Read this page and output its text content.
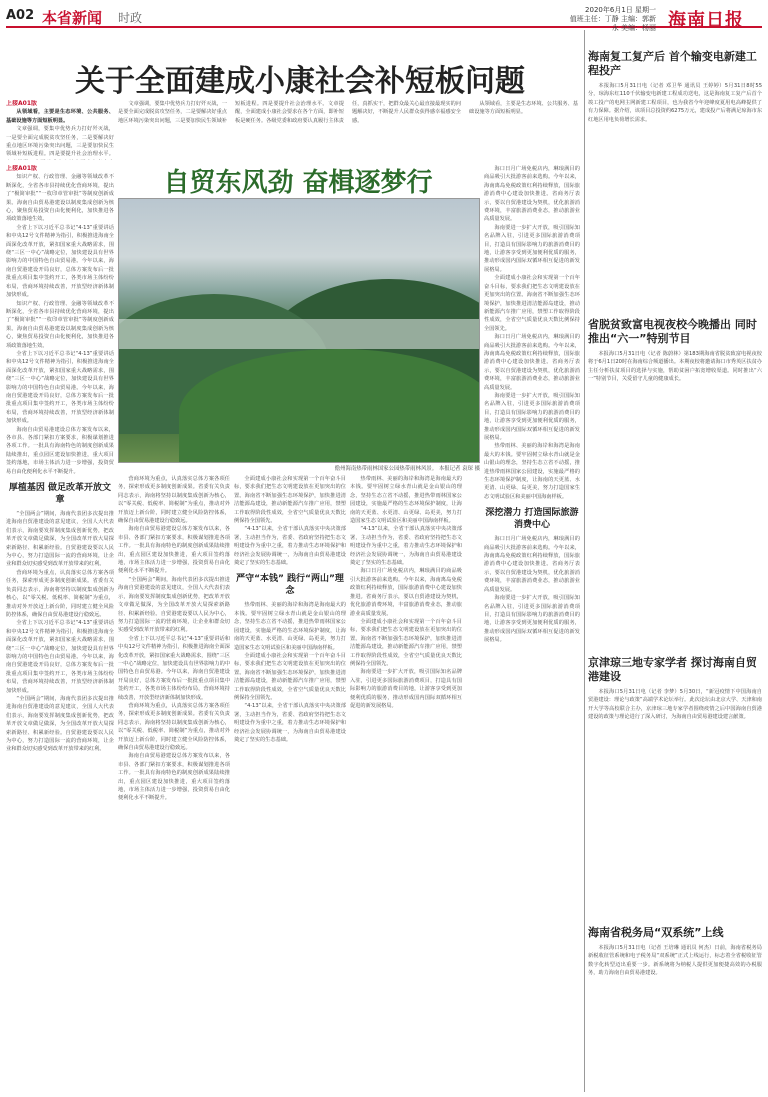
A02 本省新闻 时政
2020年6月1日 星期一
值班主任：丁静 主编：郭新永 美编：杨丽 海南日报
关于全面建成小康社会补短板问题
上接A01版

从领域看，主要是生态环境、公共服务、基础设施等方面短板明显。

文章强调，要集中优势兵力打好歼灭战，一是要全面完成脱贫攻坚任务，二是要解决好重点地区环境污染突出问题，三是要加快民生领域补短板进程。四是要提升社会治理水平。

文章强调，要集中优势兵力打好歼灭战，一是要全面完成脱贫攻坚任务，二是要解决好重点地区环境污染突出问题，三是要加快民生领域补短板进程。四是要提升社会治理水平。文章提醒，全面建成小康社会要求在各个方面，即补短板是硬任务。各级党委和政府要认真履行主体责任，真抓实干，把群众最关心最直接最现实的问题解决好，不断提升人民群众获得感幸福感安全感。

从领域看，主要是生态环境、公共服务、基础设施等方面短板明显。

自贸东风劲 奋楫逐梦行
儋州海南热带雨林国家公园热带雨林风景。 本报记者 袁琛 摄
上接A01版

知识产权、行政管理、金融等领域改革不断深化，全省各市县持续优化营商环境，提出了“极简审批”“一枚印章管审批”等制度创新成果。海南自由贸易港建设以制度集成创新为核心，聚焦贸易投资自由化便利化，加快推进各项政策落地生效。

全省上下以习近平总书记“4·13”重要讲话和中央12号文件精神为指引，积极推进海南全面深化改革开放，紧扣国家重大战略需求，围绕“三区一中心”战略定位，加快建设具有世界影响力的中国特色自由贸易港。今年以来，海南自贸港建设开局良好，总体方案发布后一批批重点项目集中签约开工，各类市场主体纷纷布局，营商环境持续改善，开放型经济新体制加快形成。

知识产权、行政管理、金融等领域改革不断深化，全省各市县持续优化营商环境，提出了“极简审批”“一枚印章管审批”等制度创新成果。海南自由贸易港建设以制度集成创新为核心，聚焦贸易投资自由化便利化，加快推进各项政策落地生效。

全省上下以习近平总书记“4·13”重要讲话和中央12号文件精神为指引，积极推进海南全面深化改革开放，紧扣国家重大战略需求，围绕“三区一中心”战略定位，加快建设具有世界影响力的中国特色自由贸易港。今年以来，海南自贸港建设开局良好，总体方案发布后一批批重点项目集中签约开工，各类市场主体纷纷布局，营商环境持续改善，开放型经济新体制加快形成。

海南自由贸易港建设总体方案发布以来，各市县、各部门紧扣方案要求，积极谋划推进各项工作。一批具有海南特色的制度创新成果陆续推出，重点园区建设加快推进，重大项目签约落地，市场主体活力进一步增强，投资贸易自由化便利化水平不断提升。

厚植基因 做足改革开放文章

“全国两会”期间，海南代表团多次提出推进海南自贸港建设的意见建议，全国人大代表们表示，海南要发挥制度集成创新优势，把改革开放文章做足做深，为全国改革开放大局探索新路径、积累新经验。自贸港建设要以人民为中心，努力打造国际一流的营商环境，让企业和群众切实感受到改革开放带来的红利。

营商环境为重点，认真落实总体方案各项任务，探索形成更多制度创新成果。省委有关负责同志表示，海南将坚持以制度集成创新为核心，以“零关税、低税率、简税制”为重点，推动对外开放迈上新台阶，同时建立健全风险防控体系，确保自由贸易港建设行稳致远。

全省上下以习近平总书记“4·13”重要讲话和中央12号文件精神为指引，积极推进海南全面深化改革开放，紧扣国家重大战略需求，围绕“三区一中心”战略定位，加快建设具有世界影响力的中国特色自由贸易港。今年以来，海南自贸港建设开局良好，总体方案发布后一批批重点项目集中签约开工，各类市场主体纷纷布局，营商环境持续改善，开放型经济新体制加快形成。

“全国两会”期间，海南代表团多次提出推进海南自贸港建设的意见建议，全国人大代表们表示，海南要发挥制度集成创新优势，把改革开放文章做足做深，为全国改革开放大局探索新路径、积累新经验。自贸港建设要以人民为中心，努力打造国际一流的营商环境，让企业和群众切实感受到改革开放带来的红利。

营商环境为重点，认真落实总体方案各项任务，探索形成更多制度创新成果。省委有关负责同志表示，海南将坚持以制度集成创新为核心，以“零关税、低税率、简税制”为重点，推动对外开放迈上新台阶，同时建立健全风险防控体系，确保自由贸易港建设行稳致远。

海南自由贸易港建设总体方案发布以来，各市县、各部门紧扣方案要求，积极谋划推进各项工作。一批具有海南特色的制度创新成果陆续推出，重点园区建设加快推进，重大项目签约落地，市场主体活力进一步增强，投资贸易自由化便利化水平不断提升。

“全国两会”期间，海南代表团多次提出推进海南自贸港建设的意见建议，全国人大代表们表示，海南要发挥制度集成创新优势，把改革开放文章做足做深，为全国改革开放大局探索新路径、积累新经验。自贸港建设要以人民为中心，努力打造国际一流的营商环境，让企业和群众切实感受到改革开放带来的红利。

全省上下以习近平总书记“4·13”重要讲话和中央12号文件精神为指引，积极推进海南全面深化改革开放，紧扣国家重大战略需求，围绕“三区一中心”战略定位，加快建设具有世界影响力的中国特色自由贸易港。今年以来，海南自贸港建设开局良好，总体方案发布后一批批重点项目集中签约开工，各类市场主体纷纷布局，营商环境持续改善，开放型经济新体制加快形成。

营商环境为重点，认真落实总体方案各项任务，探索形成更多制度创新成果。省委有关负责同志表示，海南将坚持以制度集成创新为核心，以“零关税、低税率、简税制”为重点，推动对外开放迈上新台阶，同时建立健全风险防控体系，确保自由贸易港建设行稳致远。

海南自由贸易港建设总体方案发布以来，各市县、各部门紧扣方案要求，积极谋划推进各项工作。一批具有海南特色的制度创新成果陆续推出，重点园区建设加快推进，重大项目签约落地，市场主体活力进一步增强，投资贸易自由化便利化水平不断提升。

全面建成小康社会和实现第一个百年奋斗目标，要求我们把生态文明建设放在更加突出的位置。海南省不断加强生态环境保护，加快推进清洁能源岛建设，推动新能源汽车推广应用，禁塑工作取得阶段性成效，全省空气质量优良天数比例保持全国领先。

“4·13”以来，全省干部认真落实中央决策部署，主动担当作为，省委、省政府坚持把生态文明建设作为重中之重，着力推动生态环境保护和经济社会发展协调统一，为海南自由贸易港建设奠定了坚实的生态基础。

严守“本钱” 践行“两山”理念

热带雨林、美丽的海岸和海湾是海南最大的本钱。要牢固树立绿水青山就是金山银山的理念，坚持生态立省不动摇，推进热带雨林国家公园建设，实施最严格的生态环境保护制度，让海南的天更蓝、水更清、山更绿、岛更美，努力打造国家生态文明试验区和美丽中国海南样板。

全面建成小康社会和实现第一个百年奋斗目标，要求我们把生态文明建设放在更加突出的位置。海南省不断加强生态环境保护，加快推进清洁能源岛建设，推动新能源汽车推广应用，禁塑工作取得阶段性成效，全省空气质量优良天数比例保持全国领先。

“4·13”以来，全省干部认真落实中央决策部署，主动担当作为，省委、省政府坚持把生态文明建设作为重中之重，着力推动生态环境保护和经济社会发展协调统一，为海南自由贸易港建设奠定了坚实的生态基础。

热带雨林、美丽的海岸和海湾是海南最大的本钱。要牢固树立绿水青山就是金山银山的理念，坚持生态立省不动摇，推进热带雨林国家公园建设，实施最严格的生态环境保护制度，让海南的天更蓝、水更清、山更绿、岛更美，努力打造国家生态文明试验区和美丽中国海南样板。

“4·13”以来，全省干部认真落实中央决策部署，主动担当作为，省委、省政府坚持把生态文明建设作为重中之重，着力推动生态环境保护和经济社会发展协调统一，为海南自由贸易港建设奠定了坚实的生态基础。

海口日月广场免税店内，琳琅满目的商品吸引大批游客前来选购。今年以来，海南离岛免税政策红利持续释放，国际旅游消费中心建设加快推进。省商务厅表示，要以自贸港建设为契机，优化旅游消费环境，丰富旅游消费业态，推动旅游业高质量发展。

全面建成小康社会和实现第一个百年奋斗目标，要求我们把生态文明建设放在更加突出的位置。海南省不断加强生态环境保护，加快推进清洁能源岛建设，推动新能源汽车推广应用，禁塑工作取得阶段性成效，全省空气质量优良天数比例保持全国领先。

海南要进一步扩大开放，吸引国际知名品牌入驻，引进更多国际旅游消费项目，打造具有国际影响力的旅游消费目的地，让游客享受到更加便利优质的服务，推动形成国内国际双循环相互促进的新发展格局。

海口日月广场免税店内，琳琅满目的商品吸引大批游客前来选购。今年以来，海南离岛免税政策红利持续释放，国际旅游消费中心建设加快推进。省商务厅表示，要以自贸港建设为契机，优化旅游消费环境，丰富旅游消费业态，推动旅游业高质量发展。

海南要进一步扩大开放，吸引国际知名品牌入驻，引进更多国际旅游消费项目，打造具有国际影响力的旅游消费目的地，让游客享受到更加便利优质的服务，推动形成国内国际双循环相互促进的新发展格局。

全面建成小康社会和实现第一个百年奋斗目标，要求我们把生态文明建设放在更加突出的位置。海南省不断加强生态环境保护，加快推进清洁能源岛建设，推动新能源汽车推广应用，禁塑工作取得阶段性成效，全省空气质量优良天数比例保持全国领先。

海口日月广场免税店内，琳琅满目的商品吸引大批游客前来选购。今年以来，海南离岛免税政策红利持续释放，国际旅游消费中心建设加快推进。省商务厅表示，要以自贸港建设为契机，优化旅游消费环境，丰富旅游消费业态，推动旅游业高质量发展。

海南要进一步扩大开放，吸引国际知名品牌入驻，引进更多国际旅游消费项目，打造具有国际影响力的旅游消费目的地，让游客享受到更加便利优质的服务，推动形成国内国际双循环相互促进的新发展格局。

热带雨林、美丽的海岸和海湾是海南最大的本钱。要牢固树立绿水青山就是金山银山的理念，坚持生态立省不动摇，推进热带雨林国家公园建设，实施最严格的生态环境保护制度，让海南的天更蓝、水更清、山更绿、岛更美，努力打造国家生态文明试验区和美丽中国海南样板。

深挖潜力 打造国际旅游消费中心

海口日月广场免税店内，琳琅满目的商品吸引大批游客前来选购。今年以来，海南离岛免税政策红利持续释放，国际旅游消费中心建设加快推进。省商务厅表示，要以自贸港建设为契机，优化旅游消费环境，丰富旅游消费业态，推动旅游业高质量发展。

海南要进一步扩大开放，吸引国际知名品牌入驻，引进更多国际旅游消费项目，打造具有国际影响力的旅游消费目的地，让游客享受到更加便利优质的服务，推动形成国内国际双循环相互促进的新发展格局。

海南复工复产后 首个输变电新建工程投产

本报海口5月31日电（记者 邓卫华 通讯员 王婷婷）5月31日8时55分，琼海东红110千伏输变电新建工程成功送电，这是海南复工复产后首个竣工投产的电网主网新建工程项目，也为我省今年迎峰度夏用电高峰提供了有力保障。据介绍，该项目总投资约6275万元，建成投产后将满足琼海市东红地区用电负荷增长需求。

省脱贫致富电视夜校今晚播出 同时推出“六一”特别节目

本报海口5月31日电（记者 陈蔚林）第183期海南省脱贫致富电视夜校将于6月1日20时在海南综合频道播出。本期夜校将邀请海口市秀英区扶贫办主任分析扶贫项目的选择与实施，帮助贫困户拓宽增收渠道。同时推出“六一”特别节目，关爱留守儿童的健康成长。

京津琼三地专家学者 探讨海南自贸港建设

本报海口5月31日电（记者 李梦）5月30日，“新冠疫情下中国海南自贸港建设：理论与政策”高端学术论坛举行。此次论坛由北京大学、天津和南开大学等高校联合主办，京津琼三地专家学者围绕疫情之后中国海南自贸港建设的政策与理论进行了深入研讨，为海南自由贸易港建设建言献策。

海南省税务局“双系统”上线

本报海口5月31日电（记者 王培琳 通讯员 何杰）日前，海南省税务局新税收征管系统和电子税务局“双系统”正式上线运行，标志着全省税收征管数字化转型迈出重要一步。新系统将为纳税人提供更加便捷高效的办税服务，助力海南自由贸易港建设。
